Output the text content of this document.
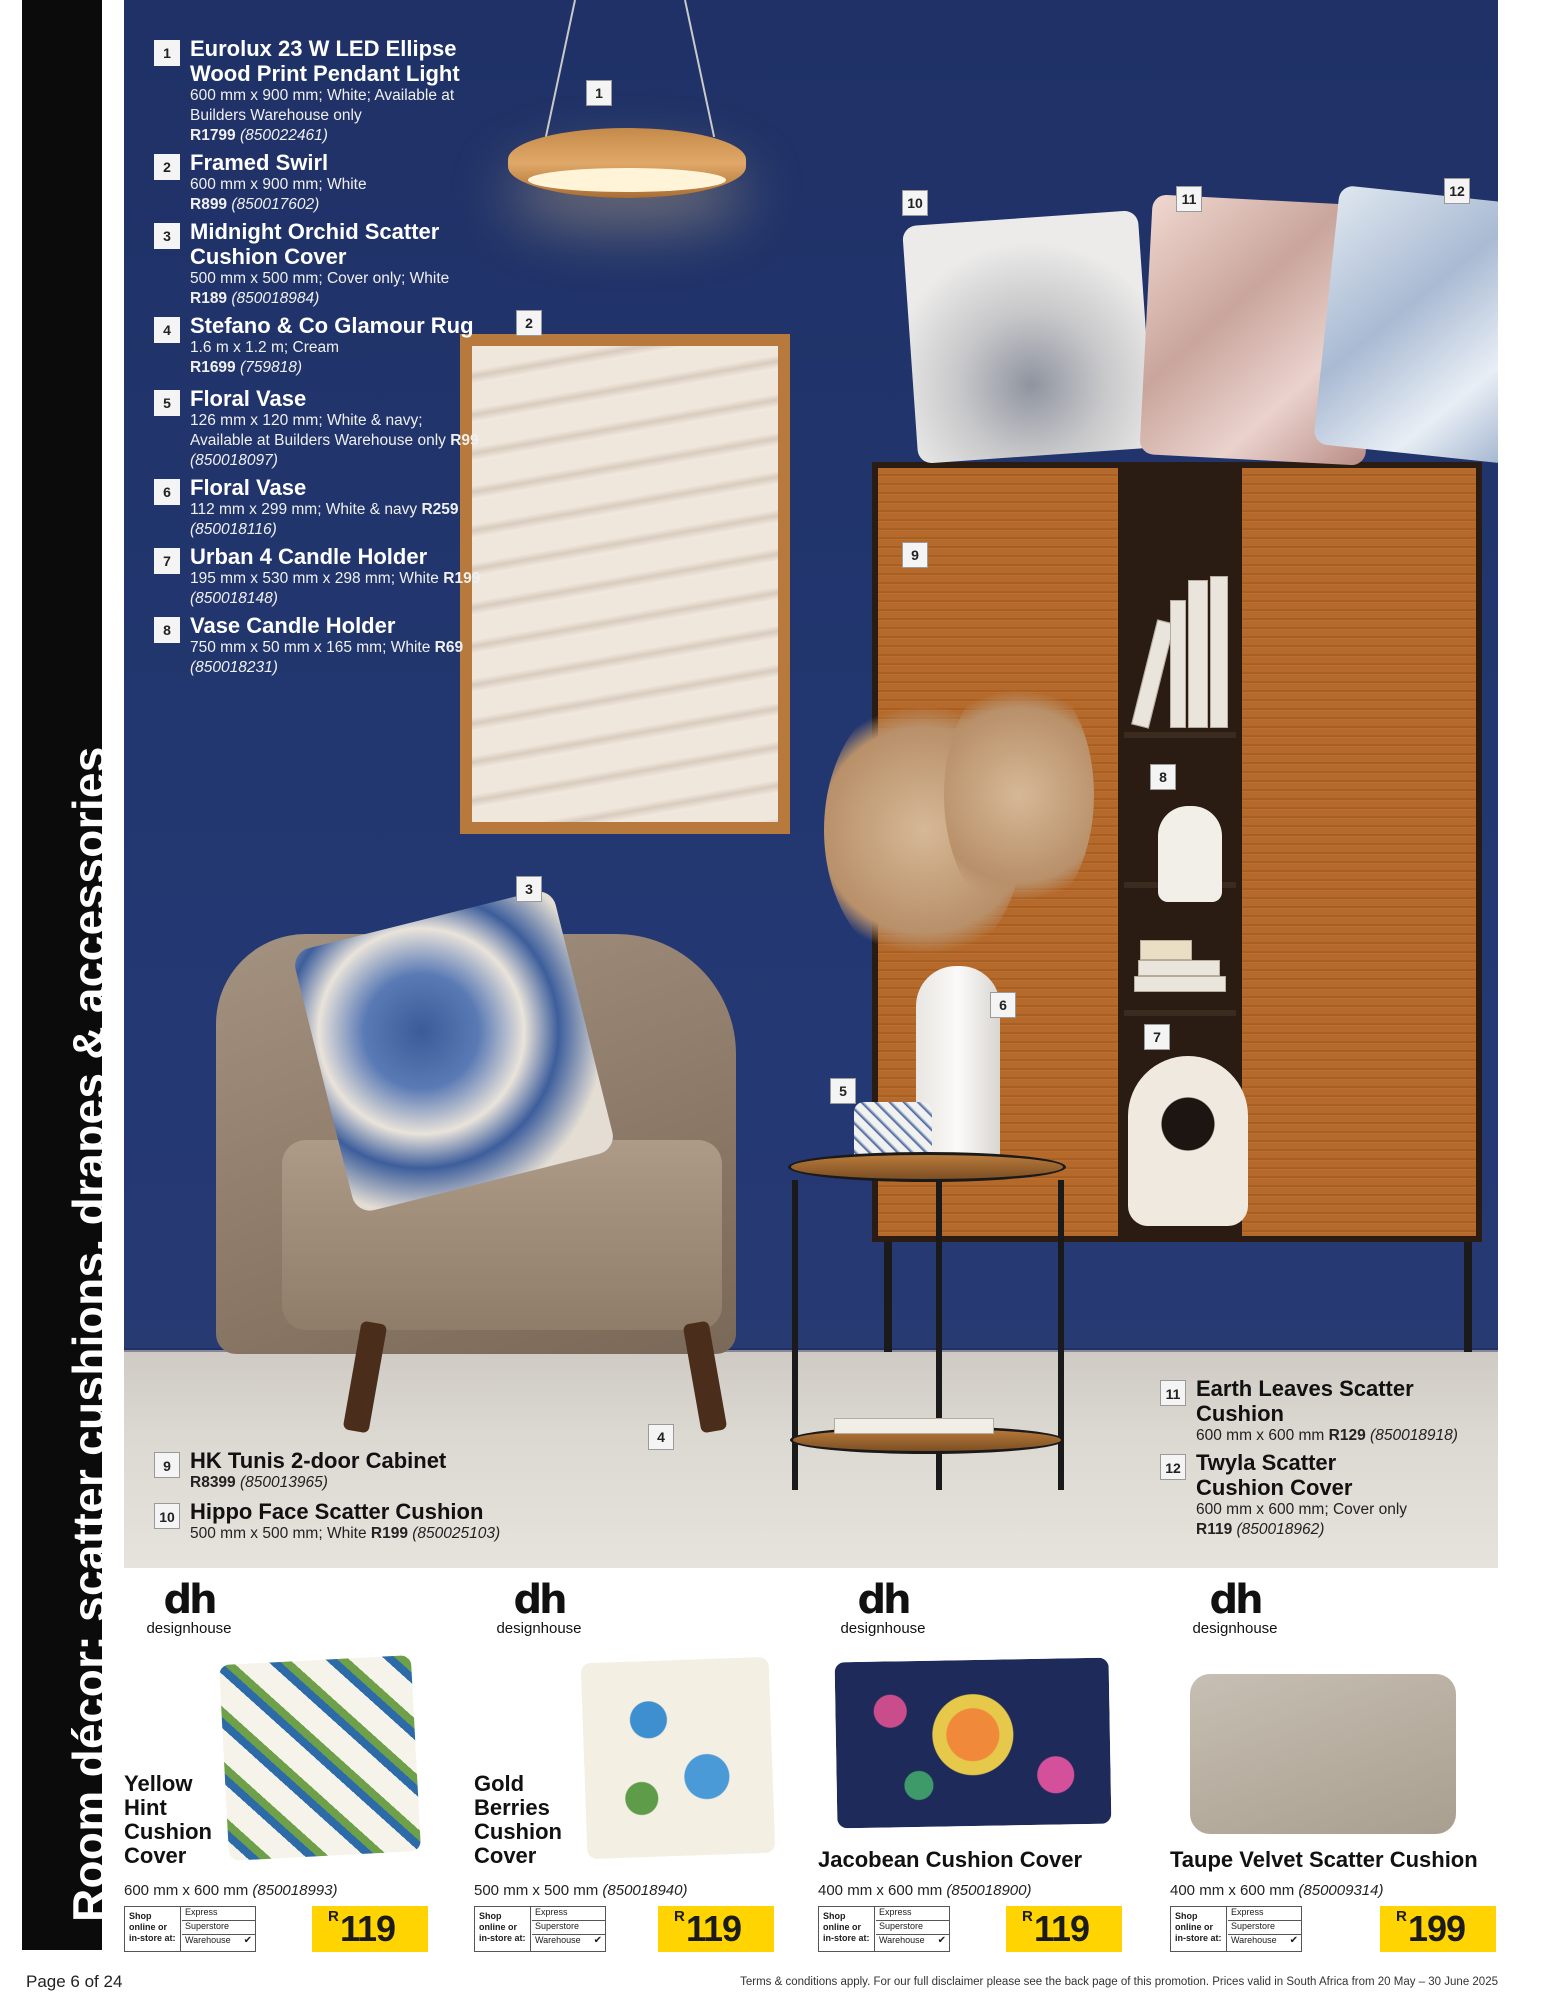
Room décor: scatter cushions, drapes & accessories
1
2
3
4
5
6
7
8
9
10	11	12
1 Eurolux 23 W LED Ellipse Wood Print Pendant Light
600 mm x 900 mm; White; Available at Builders Warehouse only
R1799 (850022461)
2 Framed Swirl
600 mm x 900 mm; White
R899 (850017602)
3 Midnight Orchid Scatter Cushion Cover
500 mm x 500 mm; Cover only; White R189 (850018984)
4 Stefano & Co Glamour Rug
1.6 m x 1.2 m; Cream
R1699 (759818)
5 Floral Vase
126 mm x 120 mm; White & navy; Available at Builders Warehouse only R99 (850018097)
6 Floral Vase
112 mm x 299 mm; White & navy R259 (850018116)
7 Urban 4 Candle Holder
195 mm x 530 mm x 298 mm; White R199 (850018148)
8 Vase Candle Holder
750 mm x 50 mm x 165 mm; White R69 (850018231)
9 HK Tunis 2-door Cabinet
R8399 (850013965)
10 Hippo Face Scatter Cushion
500 mm x 500 mm; White R199 (850025103)
11 Earth Leaves Scatter Cushion
600 mm x 600 mm R129 (850018918)
12 Twyla Scatter Cushion Cover
600 mm x 600 mm; Cover only
R119 (850018962)
dh
designhouse
Yellow Hint Cushion Cover
600 mm x 600 mm (850018993)
Shop online or in-store at:
Express
Superstore
Warehouse ✔
R 119
dh
designhouse
Gold Berries Cushion Cover
500 mm x 500 mm (850018940)
Shop online or in-store at:
Express
Superstore
Warehouse ✔
R 119
dh
designhouse
Jacobean Cushion Cover
400 mm x 600 mm (850018900)
Shop online or in-store at:
Express
Superstore
Warehouse ✔
R 119
dh
designhouse
Taupe Velvet Scatter Cushion
400 mm x 600 mm (850009314)
Shop online or in-store at:
Express
Superstore
Warehouse ✔
R 199
Page 6 of 24	Terms & conditions apply. For our full disclaimer please see the back page of this promotion. Prices valid in South Africa from 20 May – 30 June 2025
